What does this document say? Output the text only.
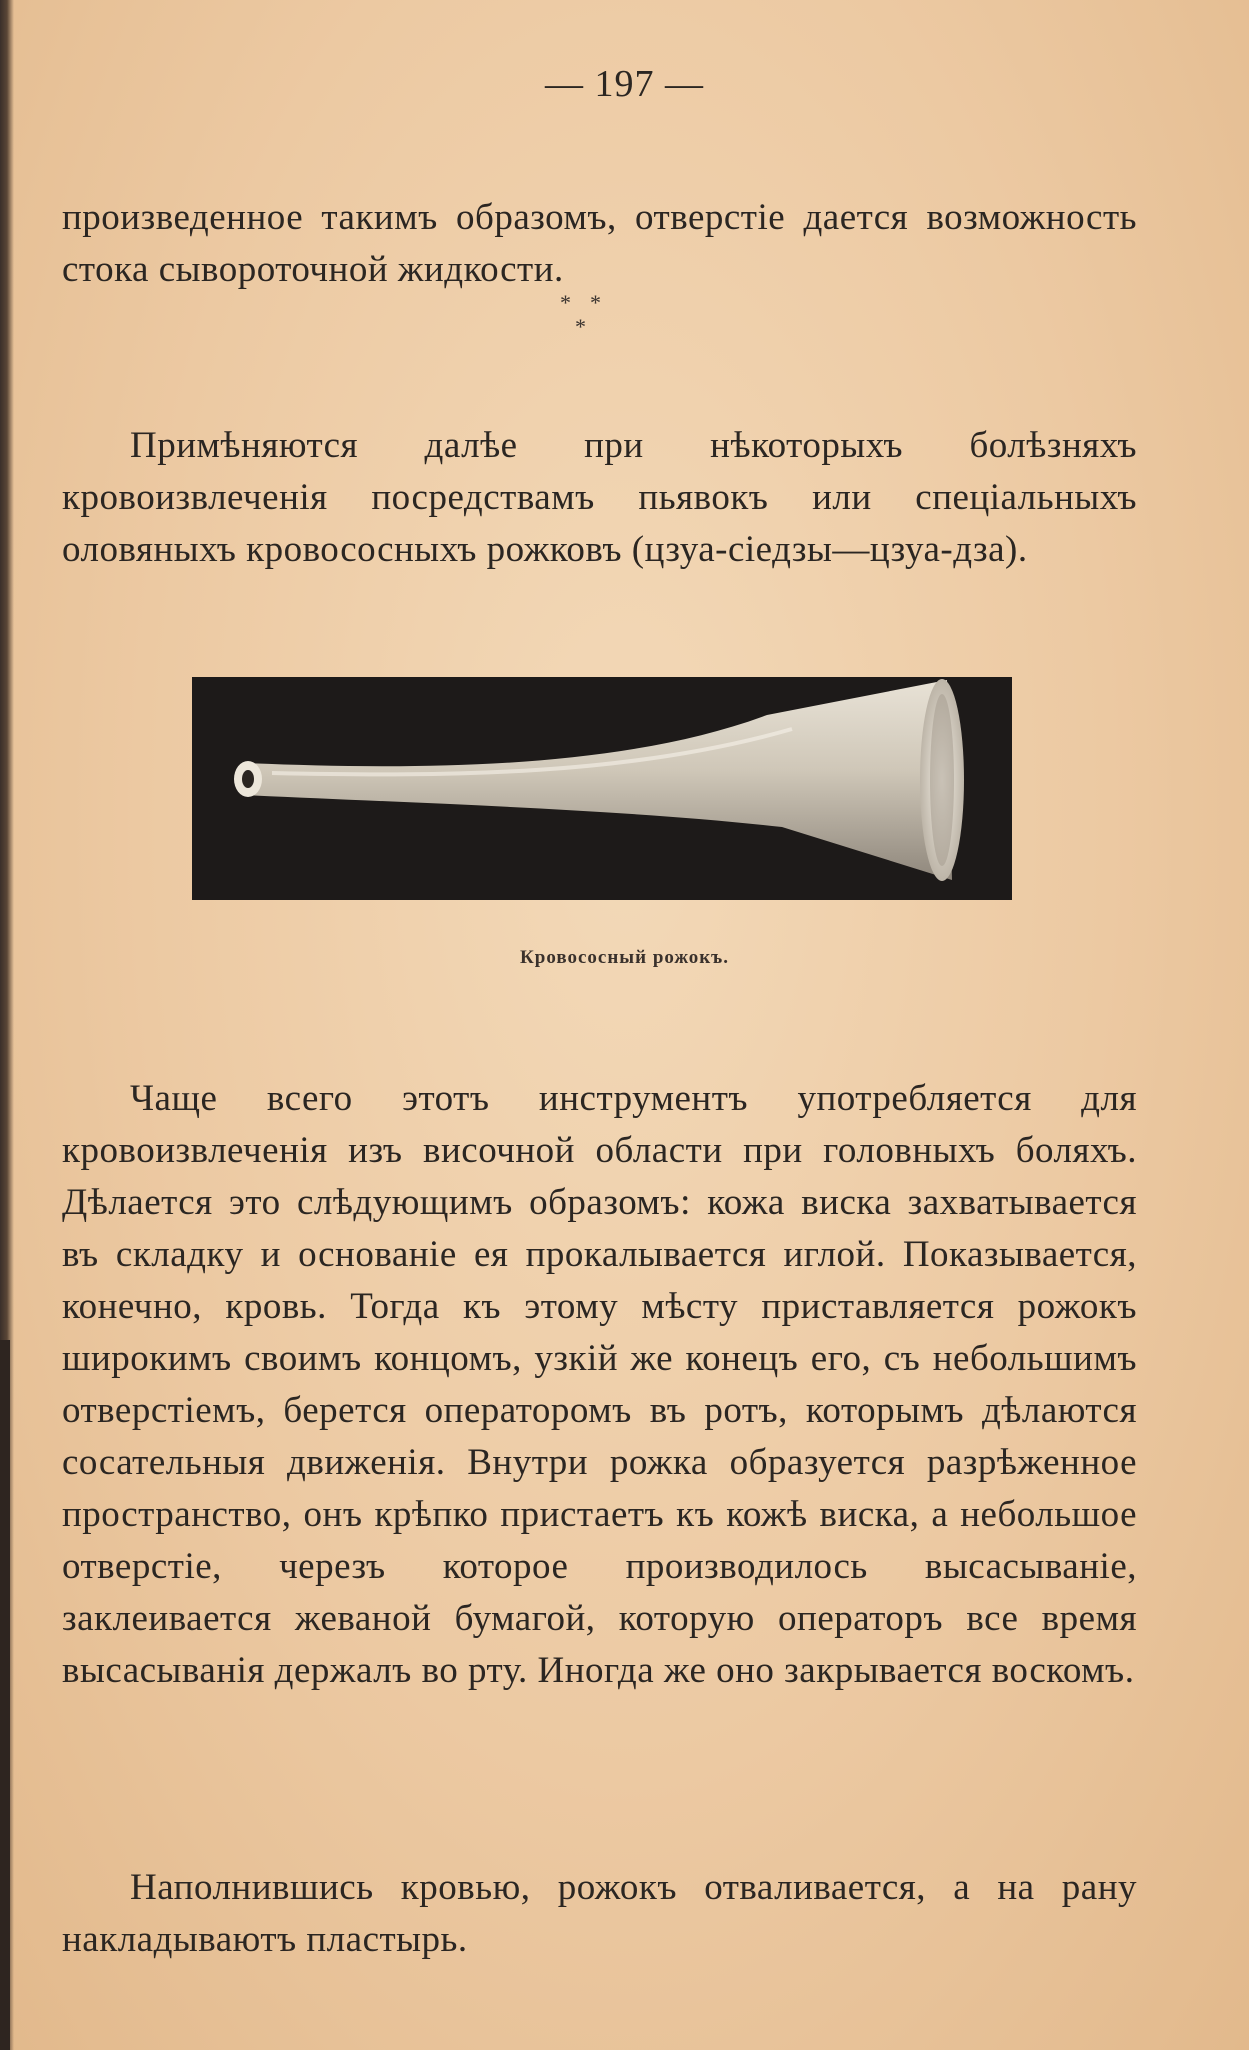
— 197 —

произведенное такимъ образомъ, отверстіе дается возможность стока сывороточной жидкости.

* *
*

Примѣняются далѣе при нѣкоторыхъ болѣзняхъ кровоизвлеченія посредствамъ пьявокъ или спеціальныхъ оловяныхъ кровососныхъ рожковъ (цзуа-сіедзы—цзуа-дза).

Кровососный рожокъ.

Чаще всего этотъ инструментъ употребляется для кровоизвлеченія изъ височной области при головныхъ боляхъ. Дѣлается это слѣдующимъ образомъ: кожа виска захватывается въ складку и основаніе ея прокалывается иглой. Показывается, конечно, кровь. Тогда къ этому мѣсту приставляется рожокъ широкимъ своимъ концомъ, узкій же конецъ его, съ небольшимъ отверстіемъ, берется операторомъ въ ротъ, которымъ дѣлаются сосательныя движенія. Внутри рожка образуется разрѣженное пространство, онъ крѣпко пристаетъ къ кожѣ виска, а небольшое отверстіе, черезъ которое производилось высасываніе, заклеивается жеваной бумагой, которую операторъ все время высасыванія держалъ во рту. Иногда же оно закрывается воскомъ.

Наполнившись кровью, рожокъ отваливается, а на рану накладываютъ пластырь.
